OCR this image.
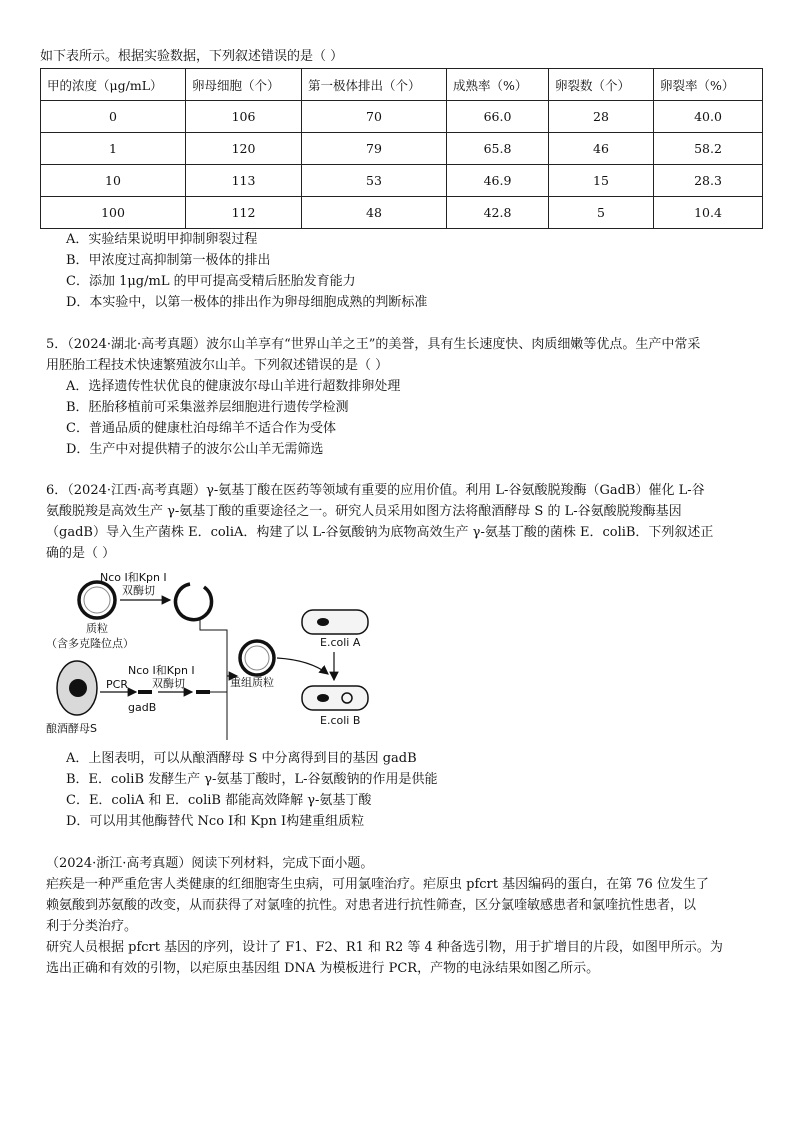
如下表所示。根据实验数据，下列叙述错误的是（ ）
甲的浓度（μg/mL）	卵母细胞（个）	第一极体排出（个）	成熟率（%）	卵裂数（个）	卵裂率（%）
0	106	70	66.0	28	40.0
1	120	79	65.8	46	58.2
10	113	53	46.9	15	28.3
100	112	48	42.8	5	10.4
A．实验结果说明甲抑制卵裂过程
B．甲浓度过高抑制第一极体的排出
C．添加 1μg/mL 的甲可提高受精后胚胎发育能力
D．本实验中，以第一极体的排出作为卵母细胞成熟的判断标准
5．（2024·湖北·高考真题）波尔山羊享有“世界山羊之王”的美誉，具有生长速度快、肉质细嫩等优点。生产中常采
用胚胎工程技术快速繁殖波尔山羊。下列叙述错误的是（ ）
A．选择遗传性状优良的健康波尔母山羊进行超数排卵处理
B．胚胎移植前可采集滋养层细胞进行遗传学检测
C．普通品质的健康杜泊母绵羊不适合作为受体
D．生产中对提供精子的波尔公山羊无需筛选
6．（2024·江西·高考真题）γ-氨基丁酸在医药等领域有重要的应用价值。利用 L-谷氨酸脱羧酶（GadB）催化 L-谷
氨酸脱羧是高效生产 γ-氨基丁酸的重要途径之一。研究人员采用如图方法将酿酒酵母 S 的 L-谷氨酸脱羧酶基因
（gadB）导入生产菌株 E．coliA．构建了以 L-谷氨酸钠为底物高效生产 γ-氨基丁酸的菌株 E．coliB．下列叙述正
确的是（ ）
质粒
（含多克隆位点）
Nco Ⅰ和Kpn Ⅰ
双酶切
重组质粒
E.coli A
E.coli B
酿酒酵母S
PCR
gadB
Nco Ⅰ和Kpn Ⅰ
双酶切
A．上图表明，可以从酿酒酵母 S 中分离得到目的基因 gadB
B．E．coliB 发酵生产 γ-氨基丁酸时，L-谷氨酸钠的作用是供能
C．E．coliA 和 E．coliB 都能高效降解 γ-氨基丁酸
D．可以用其他酶替代 Nco Ⅰ和 Kpn Ⅰ构建重组质粒
（2024·浙江·高考真题）阅读下列材料，完成下面小题。
疟疾是一种严重危害人类健康的红细胞寄生虫病，可用氯喹治疗。疟原虫 pfcrt 基因编码的蛋白，在第 76 位发生了
赖氨酸到苏氨酸的改变，从而获得了对氯喹的抗性。对患者进行抗性筛查，区分氯喹敏感患者和氯喹抗性患者，以
利于分类治疗。
研究人员根据 pfcrt 基因的序列，设计了 F1、F2、R1 和 R2 等 4 种备选引物，用于扩增目的片段，如图甲所示。为
选出正确和有效的引物，以疟原虫基因组 DNA 为模板进行 PCR，产物的电泳结果如图乙所示。
